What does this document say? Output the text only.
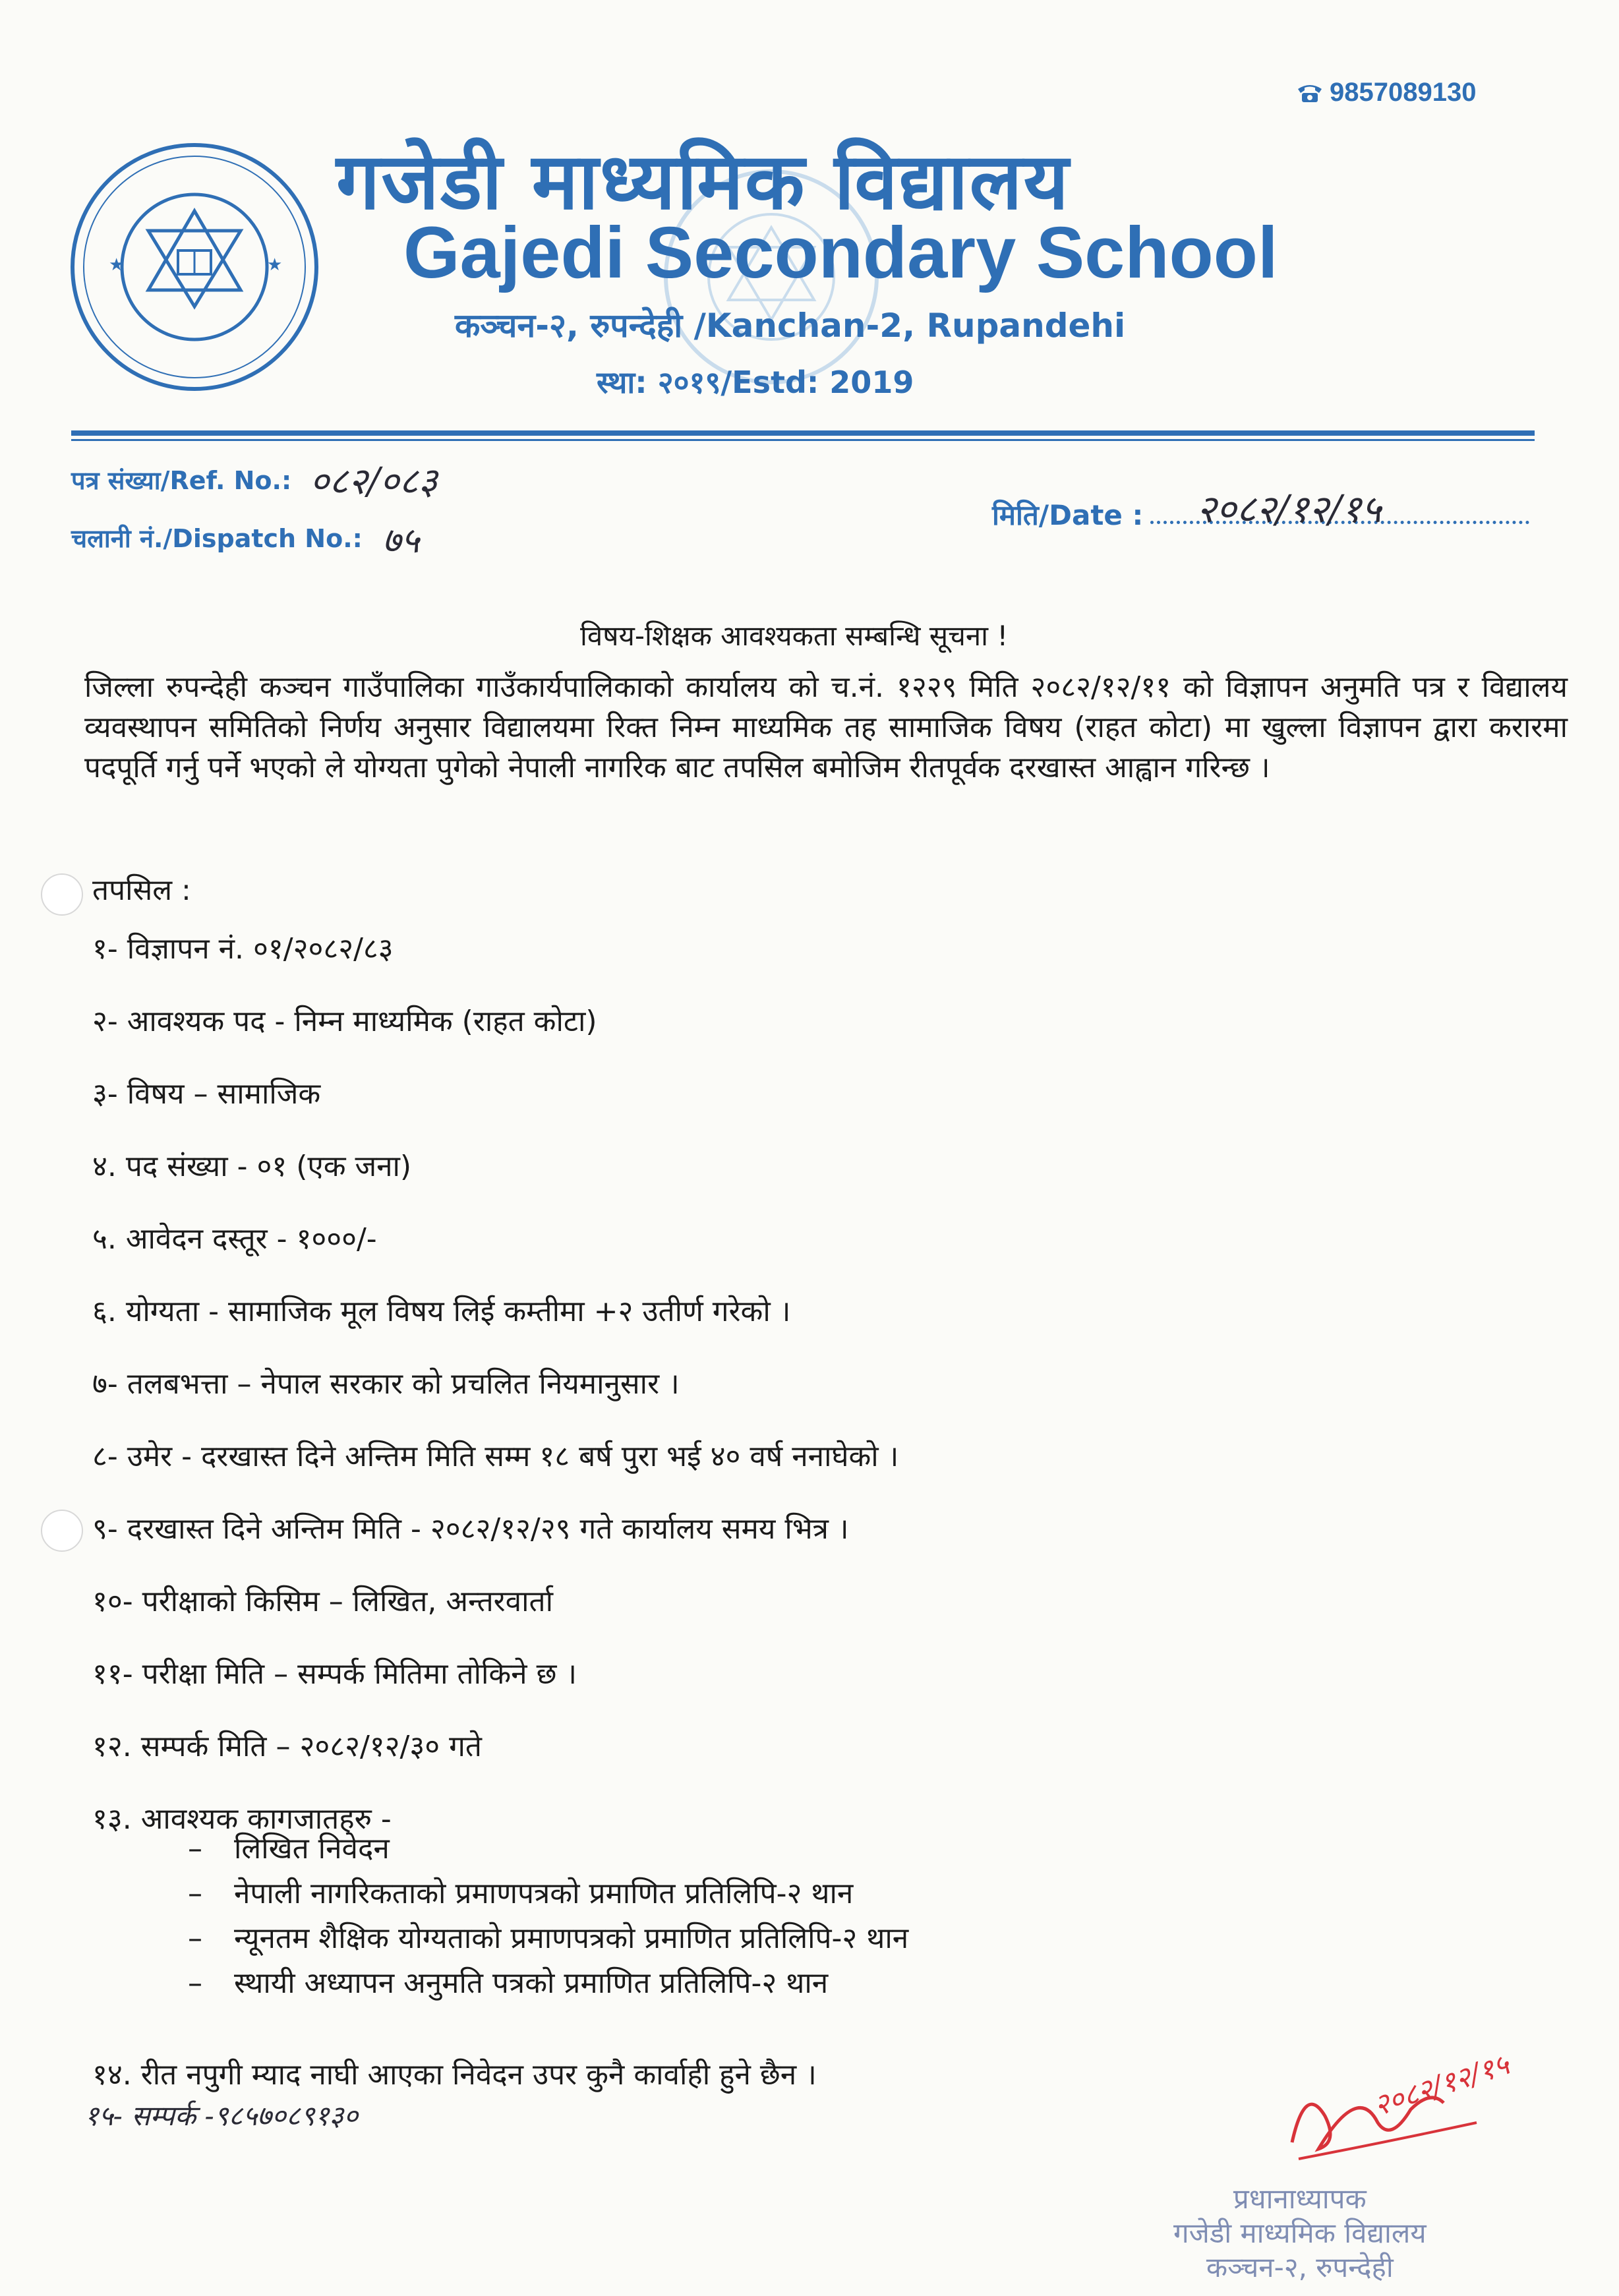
9857089130
★	★
गजेडी माध्यमिक विद्यालय
Gajedi Secondary School
कञ्चन-२, रुपन्देही /Kanchan-2, Rupandehi
स्था: २०१९/Estd: 2019
पत्र संख्या/Ref. No.: ०८२/०८३
चलानी नं./Dispatch No.: ७५
मिति/Date : २०८२/१२/१५
विषय-शिक्षक आवश्यकता सम्बन्धि सूचना !
जिल्ला रुपन्देही कञ्चन गाउँपालिका गाउँकार्यपालिकाको कार्यालय को च.नं. १२२९ मिति २०८२/१२/११ को विज्ञापन अनुमति पत्र र विद्यालय व्यवस्थापन समितिको निर्णय अनुसार विद्यालयमा रिक्त निम्न माध्यमिक तह सामाजिक विषय (राहत कोटा) मा खुल्ला विज्ञापन द्वारा करारमा पदपूर्ति गर्नु पर्ने भएको ले योग्यता पुगेको नेपाली नागरिक बाट तपसिल बमोजिम रीतपूर्वक दरखास्त आह्वान गरिन्छ ।
तपसिल :
१- विज्ञापन नं. ०१/२०८२/८३
२- आवश्यक पद - निम्न माध्यमिक (राहत कोटा)
३- विषय – सामाजिक
४. पद संख्या - ०१ (एक जना)
५. आवेदन दस्तूर - १०००/-
६. योग्यता - सामाजिक मूल विषय लिई कम्तीमा +२ उतीर्ण गरेको ।
७- तलबभत्ता – नेपाल सरकार को प्रचलित नियमानुसार ।
८- उमेर - दरखास्त दिने अन्तिम मिति सम्म १८ बर्ष पुरा भई ४० वर्ष ननाघेको ।
९- दरखास्त दिने अन्तिम मिति - २०८२/१२/२९ गते कार्यालय समय भित्र ।
१०- परीक्षाको किसिम – लिखित, अन्तरवार्ता
११- परीक्षा मिति – सम्पर्क मितिमा तोकिने छ ।
१२. सम्पर्क मिति – २०८२/१२/३० गते
१३. आवश्यक कागजातहरु -
– लिखित निवेदन
– नेपाली नागरिकताको प्रमाणपत्रको प्रमाणित प्रतिलिपि-२ थान
– न्यूनतम शैक्षिक योग्यताको प्रमाणपत्रको प्रमाणित प्रतिलिपि-२ थान
– स्थायी अध्यापन अनुमति पत्रको प्रमाणित प्रतिलिपि-२ थान
१४. रीत नपुगी म्याद नाघी आएका निवेदन उपर कुनै कार्वाही हुने छैन ।
१५- सम्पर्क -९८५७०८९१३०	२०८२/१२/१५
प्रधानाध्यापक
गजेडी माध्यमिक विद्यालय
कञ्चन-२, रुपन्देही
